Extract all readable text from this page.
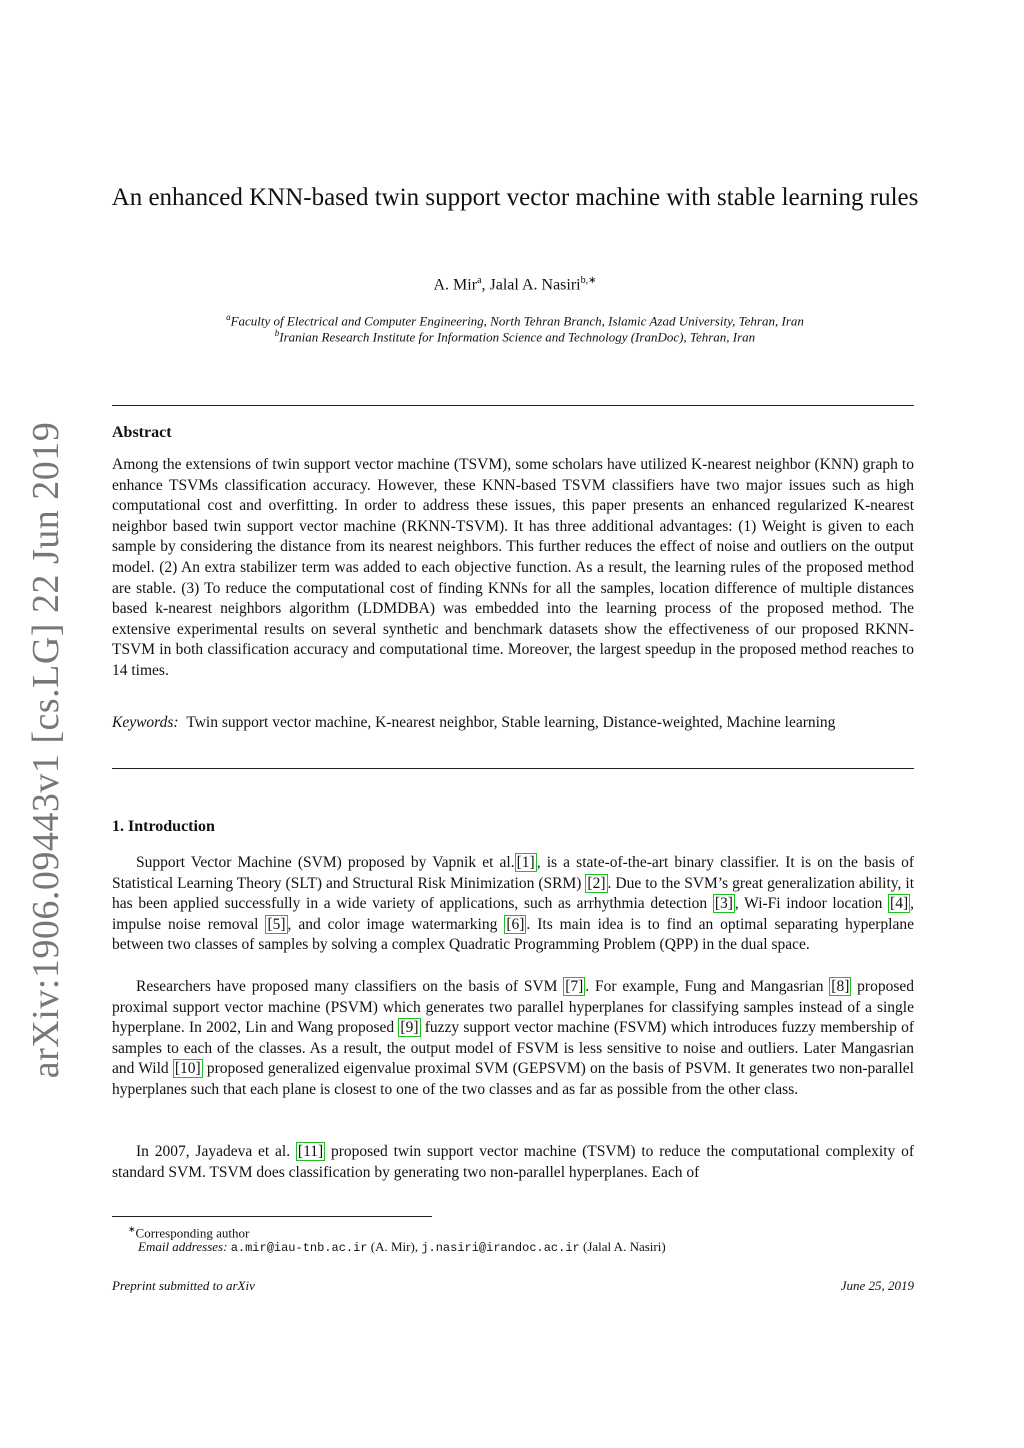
arXiv:1906.09443v1 [cs.LG] 22 Jun 2019
An enhanced KNN-based twin support vector machine with stable learning rules
A. Mir$^a$, Jalal A. Nasiri$^{b,∗}$
$^a$Faculty of Electrical and Computer Engineering, North Tehran Branch, Islamic Azad University, Tehran, Iran
$^b$Iranian Research Institute for Information Science and Technology (IranDoc), Tehran, Iran
Abstract

Among the extensions of twin support vector machine (TSVM), some scholars have utilized K-nearest neighbor (KNN) graph to enhance TSVMs classification accuracy. However, these KNN-based TSVM classifiers have two major issues such as high computational cost and overfitting. In order to address these issues, this paper presents an enhanced regularized K-nearest neighbor based twin support vector machine (RKNN-TSVM). It has three additional advantages: (1) Weight is given to each sample by considering the distance from its nearest neighbors. This further reduces the effect of noise and outliers on the output model. (2) An extra stabilizer term was added to each objective function. As a result, the learning rules of the proposed method are stable. (3) To reduce the computational cost of finding KNNs for all the samples, location difference of multiple distances based k-nearest neighbors algorithm (LDMDBA) was embedded into the learning process of the proposed method. The extensive experimental results on several synthetic and benchmark datasets show the effectiveness of our proposed RKNN-TSVM in both classification accuracy and computational time. Moreover, the largest speedup in the proposed method reaches to 14 times.

Keywords: Twin support vector machine, K-nearest neighbor, Stable learning, Distance-weighted, Machine learning

1. Introduction

Support Vector Machine (SVM) proposed by Vapnik et al. [1] , is a state-of-the-art binary classifier. It is on the basis of Statistical Learning Theory (SLT) and Structural Risk Minimization (SRM) [2] . Due to the SVM’s great generalization ability, it has been applied successfully in a wide variety of applications, such as arrhythmia detection [3] , Wi-Fi indoor location [4] , impulse noise removal [5] , and color image watermarking [6] . Its main idea is to find an optimal separating hyperplane between two classes of samples by solving a complex Quadratic Programming Problem (QPP) in the dual space.

Researchers have proposed many classifiers on the basis of SVM [7] . For example, Fung and Mangasrian [8] proposed proximal support vector machine (PSVM) which generates two parallel hyperplanes for classifying samples instead of a single hyperplane. In 2002, Lin and Wang proposed [9] fuzzy support vector machine (FSVM) which introduces fuzzy membership of samples to each of the classes. As a result, the output model of FSVM is less sensitive to noise and outliers. Later Mangasrian and Wild [10] proposed generalized eigenvalue proximal SVM (GEPSVM) on the basis of PSVM. It generates two non-parallel hyperplanes such that each plane is closest to one of the two classes and as far as possible from the other class.

In 2007, Jayadeva et al. [11] proposed twin support vector machine (TSVM) to reduce the computational complexity of standard SVM. TSVM does classification by generating two non-parallel hyperplanes. Each of

∗Corresponding author
Email addresses: a.mir@iau-tnb.ac.ir (A. Mir), j.nasiri@irandoc.ac.ir (Jalal A. Nasiri)
Preprint submitted to arXiv	June 25, 2019
